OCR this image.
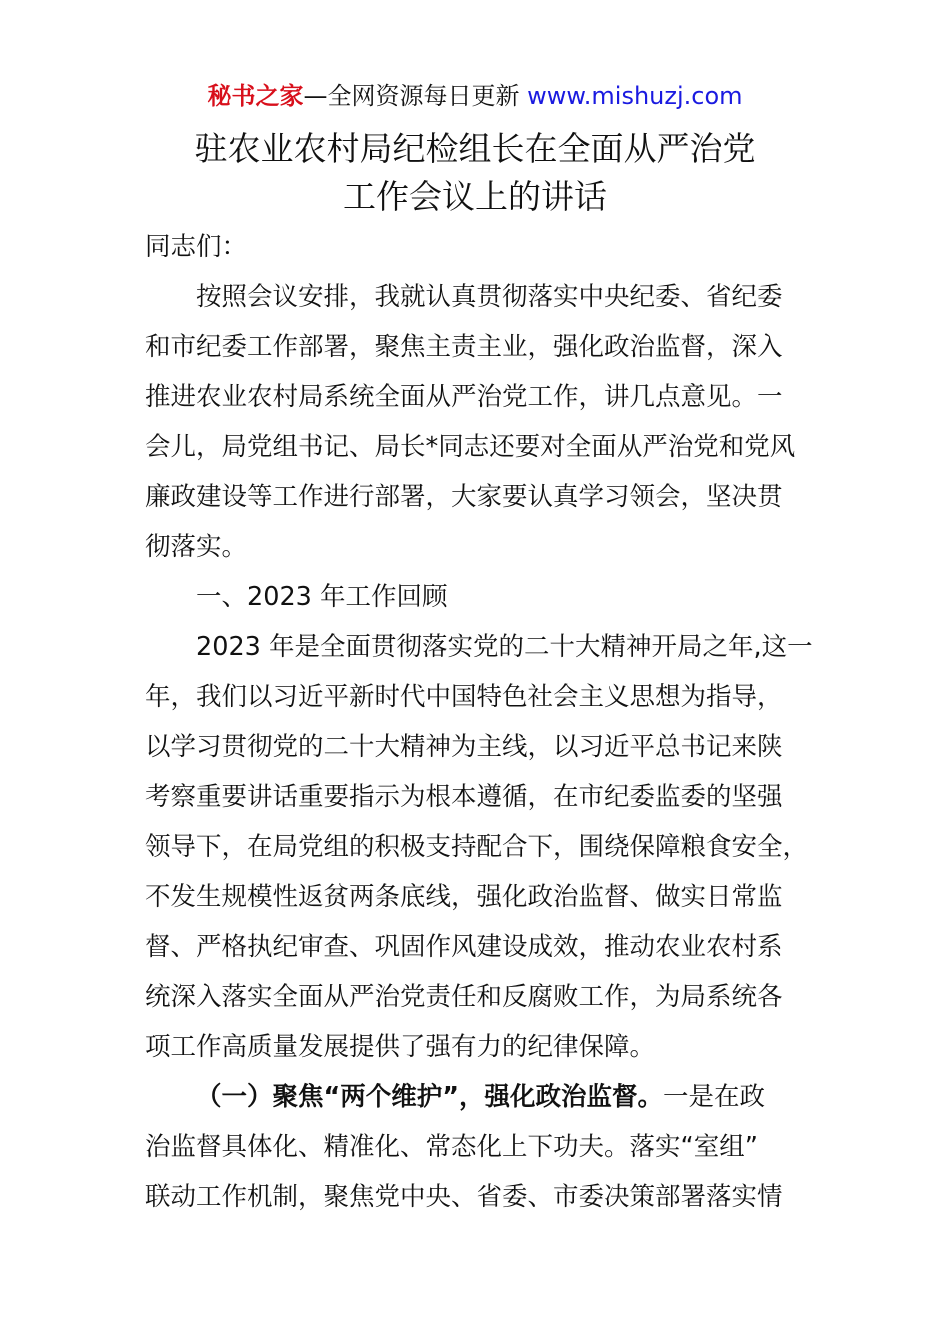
秘书之家—全网资源每日更新 www.mishuzj.com
驻农业农村局纪检组长在全面从严治党
工作会议上的讲话
同志们：
按照会议安排，我就认真贯彻落实中央纪委、省纪委
和市纪委工作部署，聚焦主责主业，强化政治监督，深入
推进农业农村局系统全面从严治党工作，讲几点意见。一
会儿，局党组书记、局长*同志还要对全面从严治党和党风
廉政建设等工作进行部署，大家要认真学习领会，坚决贯
彻落实。
一、2023 年工作回顾
2023 年是全面贯彻落实党的二十大精神开局之年,这一
年，我们以习近平新时代中国特色社会主义思想为指导，
以学习贯彻党的二十大精神为主线，以习近平总书记来陕
考察重要讲话重要指示为根本遵循，在市纪委监委的坚强
领导下，在局党组的积极支持配合下，围绕保障粮食安全，
不发生规模性返贫两条底线，强化政治监督、做实日常监
督、严格执纪审查、巩固作风建设成效，推动农业农村系
统深入落实全面从严治党责任和反腐败工作，为局系统各
项工作高质量发展提供了强有力的纪律保障。
（一）聚焦“两个维护”，强化政治监督。一是在政
治监督具体化、精准化、常态化上下功夫。落实“室组”
联动工作机制，聚焦党中央、省委、市委决策部署落实情
